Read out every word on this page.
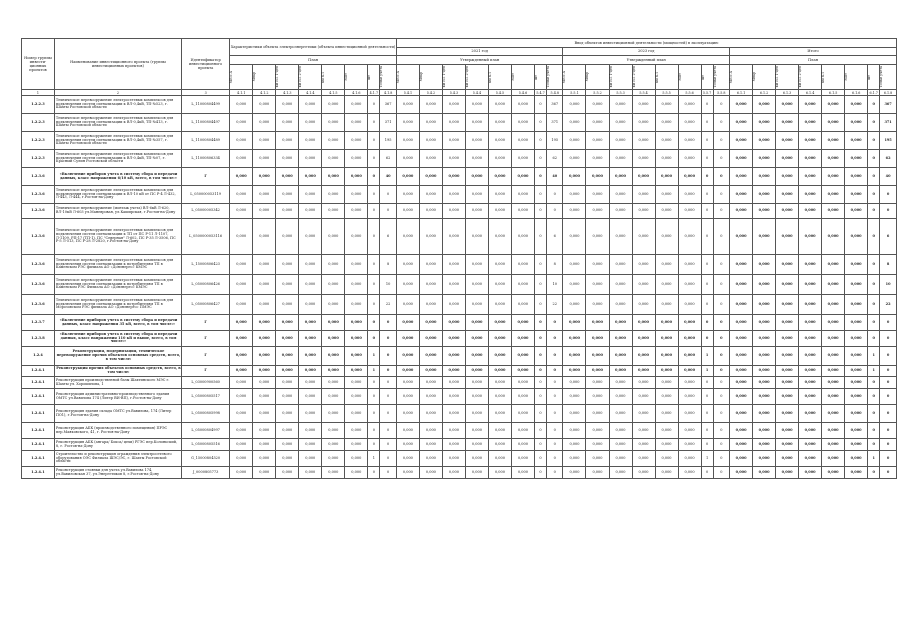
Номер группы инвести-ционных проектов	Наименование инвестиционного проекта (группы инвестиционных проектов)	Идентификатор инвестиционного проекта	Характеристики объекта электроэнергетики (объекта инвестиционной деятельности)								Ввод объектов инвестиционной деятельности (мощностей) в эксплуатацию																							
											2021 год								2023 год								Итого							
			План								Утвержденный план								Утвержденный план								План							

			МВ×А	Мвар	км ВЛ 1-цеп	км ВЛ 2-цеп	км КЛ	МВт	шт	Точки учета	МВ×А	Мвар	км ВЛ 1-цеп	км ВЛ 2-цеп	км КЛ	МВт	шт	Точки учета	МВ×А	Мвар	км ВЛ 1-цеп	км ВЛ 2-цеп	км КЛ	МВт	шт	Точки учета	МВ×А	Мвар	км ВЛ 1-цеп	км ВЛ 2-цеп	км КЛ	МВт	шт	Точки учета

1	2	3	4.1.1	4.1.2	4.1.3	4.1.4	4.1.5	4.1.6	4.1.7	4.1.8	5.4.1	5.4.2	5.4.3	5.4.4	5.4.5	5.4.6	5.4.7	5.4.8	5.5.1	5.5.2	5.5.3	5.5.4	5.5.5	5.5.6	5.5.7	5.5.8	6.1.1	6.1.2	6.1.3	6.1.4	6.1.5	6.1.6	6.1.7	6.1.8
1.2.2.3	Техническое перевооружение электросетевых комплексов для подключения систем сигнализации к ВЛ-0,4кВ, ТП-№523, г. Шахты Ростовской области	L_11000804499	0,000	0,000	0,000	0,000	0,000	0,000	0	367	0,000	0,000	0,000	0,000	0,000	0,000	0	367	0,000	0,000	0,000	0,000	0,000	0,000	0	0	0,000	0,000	0,000	0,000	0,000	0,000	0	367
1.2.2.3	Техническое перевооружение электросетевых комплексов для подключения систем сигнализации к ВЛ-0,4кВ, ТП-№413, г. Шахты Ростовской области	L_11000804497	0,000	0,000	0,000	0,000	0,000	0,000	0	371	0,000	0,000	0,000	0,000	0,000	0,000	0	371	0,000	0,000	0,000	0,000	0,000	0,000	0	0	0,000	0,000	0,000	0,000	0,000	0,000	0	371
1.2.2.3	Техническое перевооружение электросетевых комплексов для подключения систем сигнализации к ВЛ-0,4кВ, ТП-№357, г. Шахты Ростовской области	L_11000804489	0,000	0,000	0,000	0,000	0,000	0,000	0	195	0,000	0,000	0,000	0,000	0,000	0,000	0	195	0,000	0,000	0,000	0,000	0,000	0,000	0	0	0,000	0,000	0,000	0,000	0,000	0,000	0	195
1.2.2.3	Техническое перевооружение электросетевых комплексов для подключения систем сигнализации к ВЛ-0,4кВ, ТП-№07, г. Красный Сулин Ростовской области	L_11000806334	0,000	0,000	0,000	0,000	0,000	0,000	0	62	0,000	0,000	0,000	0,000	0,000	0,000	0	62	0,000	0,000	0,000	0,000	0,000	0,000	0	0	0,000	0,000	0,000	0,000	0,000	0,000	0	62
1.2.3.6	«Включение приборов учета в систему сбора и передачи данных, класс напряжения 6/10 кВ, всего, в том числе:»	Г	0,000	0,000	0,000	0,000	0,000	0,000	0	40	0,000	0,000	0,000	0,000	0,000	0,000	0	40	0,000	0,000	0,000	0,000	0,000	0,000	0	0	0,000	0,000	0,000	0,000	0,000	0,000	0	40
1.2.3.6	Техническое перевооружение электросетевых комплексов для подключения систем сигнализации к ВЛ-10 кВ от ПС Р-4 Л-432, Л-443, Л-444, г.Ростов-на-Дону	L_050000053119	0,000	0,000	0,000	0,000	0,000	0,000	0	0	0,000	0,000	0,000	0,000	0,000	0,000	0	0	0,000	0,000	0,000	0,000	0,000	0,000	0	0	0,000	0,000	0,000	0,000	0,000	0,000	0	0
1.2.3.6	Техническое перевооружение (монтаж учета) ВЛ-6кВ Л-620, ВЛ-10кВ Л-603 ул.Маневровая, ул.Каширская, г.Ростов-на-Дону	L_05000005342	0,000	0,000	0,000	0,000	0,000	0,000	0	0	0,000	0,000	0,000	0,000	0,000	0,000	0	0	0,000	0,000	0,000	0,000	0,000	0,000	0	0	0,000	0,000	0,000	0,000	0,000	0,000	0	0
1.2.3.6	Техническое перевооружение электросетевых комплексов для подключения систем сигнализации к ТП от ПС Р-11 Л-1107, Л-1109, РП-17 (ТП-1), ПС "Северная" Л-602, ПС Р-35 Л-3506, ПС Р-5 Л-513, ПС Р-28 Л-2820, г.Ростов-на-Дону	L_0500000053116	0,000	0,000	0,000	0,000	0,000	0,000	0	6	0,000	0,000	0,000	0,000	0,000	0,000	0	6	0,000	0,000	0,000	0,000	0,000	0,000	0	0	0,000	0,000	0,000	0,000	0,000	0,000	0	6
1.2.3.6	Техническое перевооружение электросетевых комплексов для подключения систем сигнализации к потребителям ТП в Каменском РЭС филиала АО «Донэнерго» КМЭС	L_15000806423	0,000	0,000	0,000	0,000	0,000	0,000	0	8	0,000	0,000	0,000	0,000	0,000	0,000	0	8	0,000	0,000	0,000	0,000	0,000	0,000	0	0	0,000	0,000	0,000	0,000	0,000	0,000	0	8
1.2.3.6	Техническое перевооружение электросетевых комплексов для подключения систем сигнализации к потребителям ТП в Каменском РЭС Филиала АО «Донэнерго» КМЭС	L_05000806426	0,000	0,000	0,000	0,000	0,000	0,000	0	10	0,000	0,000	0,000	0,000	0,000	0,000	0	10	0,000	0,000	0,000	0,000	0,000	0,000	0	0	0,000	0,000	0,000	0,000	0,000	0,000	0	10
1.2.3.6	Техническое перевооружение электросетевых комплексов для подключения систем сигнализации к потребителям ТП в Морозовском РЭС филиала АО «Донэнерго» ПМЭС	L_05000806427	0,000	0,000	0,000	0,000	0,000	0,000	0	22	0,000	0,000	0,000	0,000	0,000	0,000	0	22	0,000	0,000	0,000	0,000	0,000	0,000	0	0	0,000	0,000	0,000	0,000	0,000	0,000	0	22
1.2.3.7	«Включение приборов учета в систему сбора и передачи данных, класс напряжения 35 кВ, всего, в том числе:»	Г	0,000	0,000	0,000	0,000	0,000	0,000	0	0	0,000	0,000	0,000	0,000	0,000	0,000	0	0	0,000	0,000	0,000	0,000	0,000	0,000	0	0	0,000	0,000	0,000	0,000	0,000	0,000	0	0
1.2.3.8	«Включение приборов учета в систему сбора и передачи данных, класс напряжения 110 кВ и выше, всего, в том числе:»	Г	0,000	0,000	0,000	0,000	0,000	0,000	0	0	0,000	0,000	0,000	0,000	0,000	0,000	0	0	0,000	0,000	0,000	0,000	0,000	0,000	0	0	0,000	0,000	0,000	0,000	0,000	0,000	0	0
1.2.4	Реконструкция, модернизация, техническое перевооружение прочих объектов основных средств, всего, в том числе:	Г	0,000	0,000	0,000	0,000	0,000	0,000	1	0	0,000	0,000	0,000	0,000	0,000	0,000	0	0	0,000	0,000	0,000	0,000	0,000	0,000	1	0	0,000	0,000	0,000	0,000	0,000	0,000	1	0
1.2.4.1	Реконструкция прочих объектов основных средств, всего, в том числе:	Г	0,000	0,000	0,000	0,000	0,000	0,000	1	0	0,000	0,000	0,000	0,000	0,000	0,000	0	0	0,000	0,000	0,000	0,000	0,000	0,000	1	0	0,000	0,000	0,000	0,000	0,000	0,000	1	0
1.2.4.1	Реконструкция производственной базы Шахтинского МЭС г. Шахты ул. Хорошилова, 1	L_03000900560	0,000	0,000	0,000	0,000	0,000	0,000	0	0	0,000	0,000	0,000	0,000	0,000	0,000	0	0	0,000	0,000	0,000	0,000	0,000	0,000	0	0	0,000	0,000	0,000	0,000	0,000	0,000	0	0
1.2.4.1	Реконструкция административно-производственного здания ОМТС ул.Вавилова 174 (Литер ВИ-ВП), г.Ростов-на-Дону	L_05000805517	0,000	0,000	0,000	0,000	0,000	0,000	0	0	0,000	0,000	0,000	0,000	0,000	0,000	0	0	0,000	0,000	0,000	0,000	0,000	0,000	0	0	0,000	0,000	0,000	0,000	0,000	0,000	0	0
1.2.4.1	Реконструкция здания склада ОМТС ул.Вавилова, 174 (Литер ПО1), г.Ростов-на-Дону	L_05000805998	0,000	0,000	0,000	0,000	0,000	0,000	0	0	0,000	0,000	0,000	0,000	0,000	0,000	0	0	0,000	0,000	0,000	0,000	0,000	0,000	0	0	0,000	0,000	0,000	0,000	0,000	0,000	0	0
1.2.4.1	Реконструкция АБК (производственного помещения) ПРЭС пер.Маяковского, 41, г. Ростов-на-Дону	L_05000804997	0,000	0,000	0,000	0,000	0,000	0,000	0	0	0,000	0,000	0,000	0,000	0,000	0,000	0	0	0,000	0,000	0,000	0,000	0,000	0,000	0	0	0,000	0,000	0,000	0,000	0,000	0,000	0	0
1.2.4.1	Реконструкция АБК (ангара/ Бокса/ цехи) РГЭС пер.Колоньский, 8, г. Ростов-на-Дону	L_05000805516	0,000	0,000	0,000	0,000	0,000	0,000	0	0	0,000	0,000	0,000	0,000	0,000	0,000	0	0	0,000	0,000	0,000	0,000	0,000	0,000	0	0	0,000	0,000	0,000	0,000	0,000	0,000	0	0
1.2.4.1	Строительство и реконструкция ограждения электросетевого оборудования ОЭС Филиала ШЭС/ЭС, г. Шахты Ростовской области	G_15000804520	0,000	0,000	0,000	0,000	0,000	0,000	1	0	0,000	0,000	0,000	0,000	0,000	0,000	0	0	0,000	0,000	0,000	0,000	0,000	0,000	1	0	0,000	0,000	0,000	0,000	0,000	0,000	1	0
1.2.4.1	Реконструкция стоянки для учета ул.Вавилова 174, ул.Вавиловская 37, ул.Энергетиков 8, г.Ростов-на-Дону	J_0000805773	0,000	0,000	0,000	0,000	0,000	0,000	0	0	0,000	0,000	0,000	0,000	0,000	0,000	0	0	0,000	0,000	0,000	0,000	0,000	0,000	0	0	0,000	0,000	0,000	0,000	0,000	0,000	0	0
